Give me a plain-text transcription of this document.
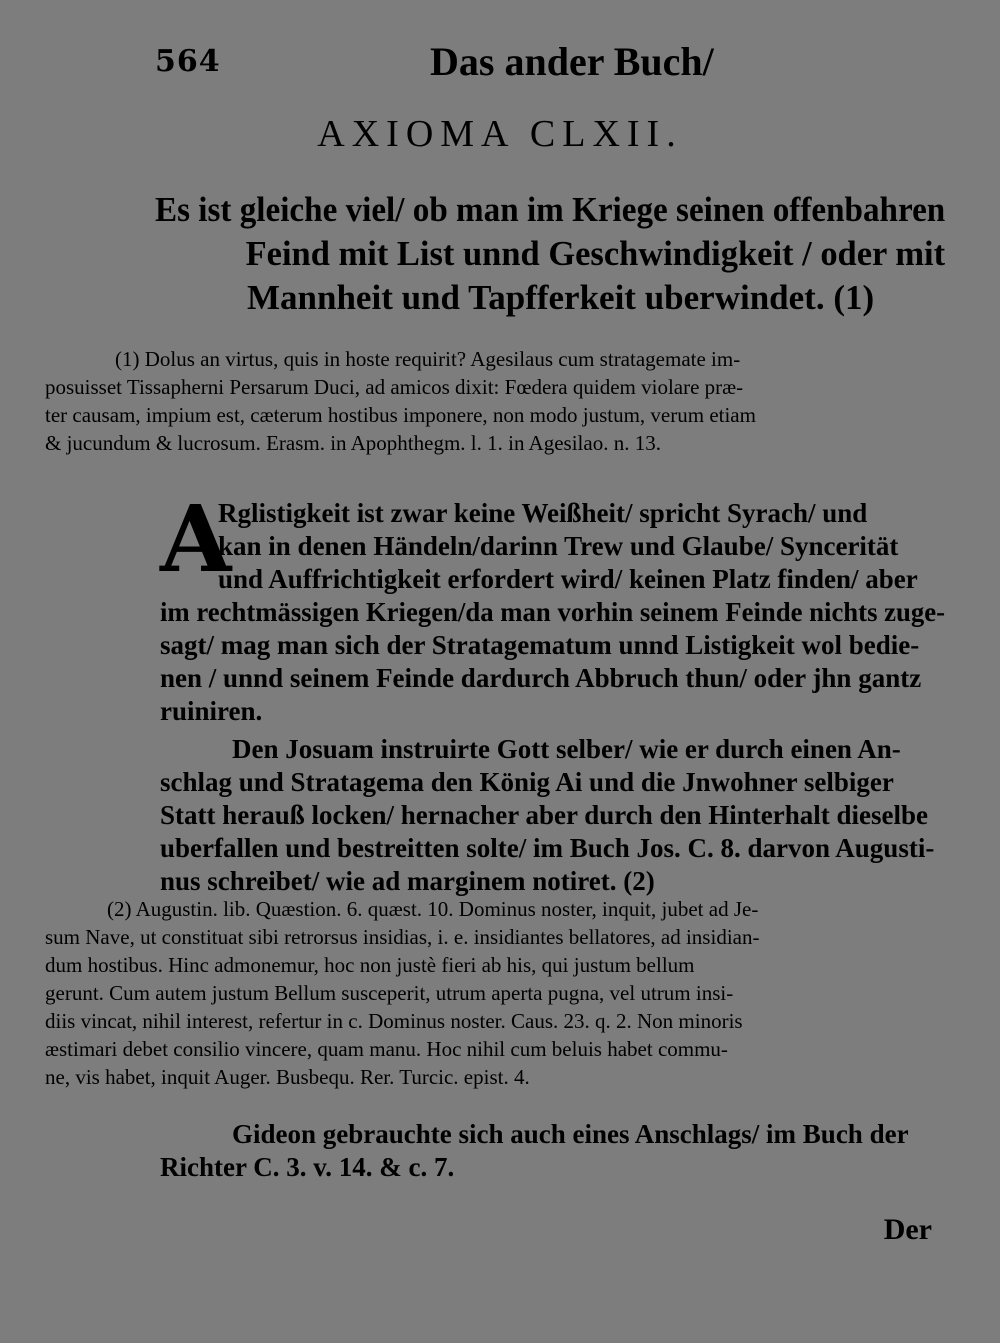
564	Das ander Buch/
AXIOMA CLXII.
Es ist gleiche viel/ ob man im Kriege seinen offenbahren
Feind mit List unnd Geschwindigkeit / oder mit
Mannheit und Tapfferkeit uberwindet. (1)
(1) Dolus an virtus, quis in hoste requirit? Agesilaus cum stratagemate im-
posuisset Tissapherni Persarum Duci, ad amicos dixit: Fœdera quidem violare præ-
ter causam, impium est, cæterum hostibus imponere, non modo justum, verum etiam
& jucundum & lucrosum. Erasm. in Apophthegm. l. 1. in Agesilao. n. 13.
A
Rglistigkeit ist zwar keine Weißheit/ spricht Syrach/ und
kan in denen Händeln/darinn Trew und Glaube/ Syncerität
und Auffrichtigkeit erfordert wird/ keinen Platz finden/ aber
im rechtmässigen Kriegen/da man vorhin seinem Feinde nichts zuge-
sagt/ mag man sich der Stratagematum unnd Listigkeit wol bedie-
nen / unnd seinem Feinde dardurch Abbruch thun/ oder jhn gantz
ruiniren.
Den Josuam instruirte Gott selber/ wie er durch einen An-
schlag und Stratagema den König Ai und die Jnwohner selbiger
Statt herauß locken/ hernacher aber durch den Hinterhalt dieselbe
uberfallen und bestreitten solte/ im Buch Jos. C. 8. darvon Augusti-
nus schreibet/ wie ad marginem notiret. (2)
(2) Augustin. lib. Quæstion. 6. quæst. 10. Dominus noster, inquit, jubet ad Je-
sum Nave, ut constituat sibi retrorsus insidias, i. e. insidiantes bellatores, ad insidian-
dum hostibus. Hinc admonemur, hoc non justè fieri ab his, qui justum bellum
gerunt. Cum autem justum Bellum susceperit, utrum aperta pugna, vel utrum insi-
diis vincat, nihil interest, refertur in c. Dominus noster. Caus. 23. q. 2. Non minoris
æstimari debet consilio vincere, quam manu. Hoc nihil cum beluis habet commu-
ne, vis habet, inquit Auger. Busbequ. Rer. Turcic. epist. 4.
Gideon gebrauchte sich auch eines Anschlags/ im Buch der
Richter C. 3. v. 14. & c. 7.
Der
